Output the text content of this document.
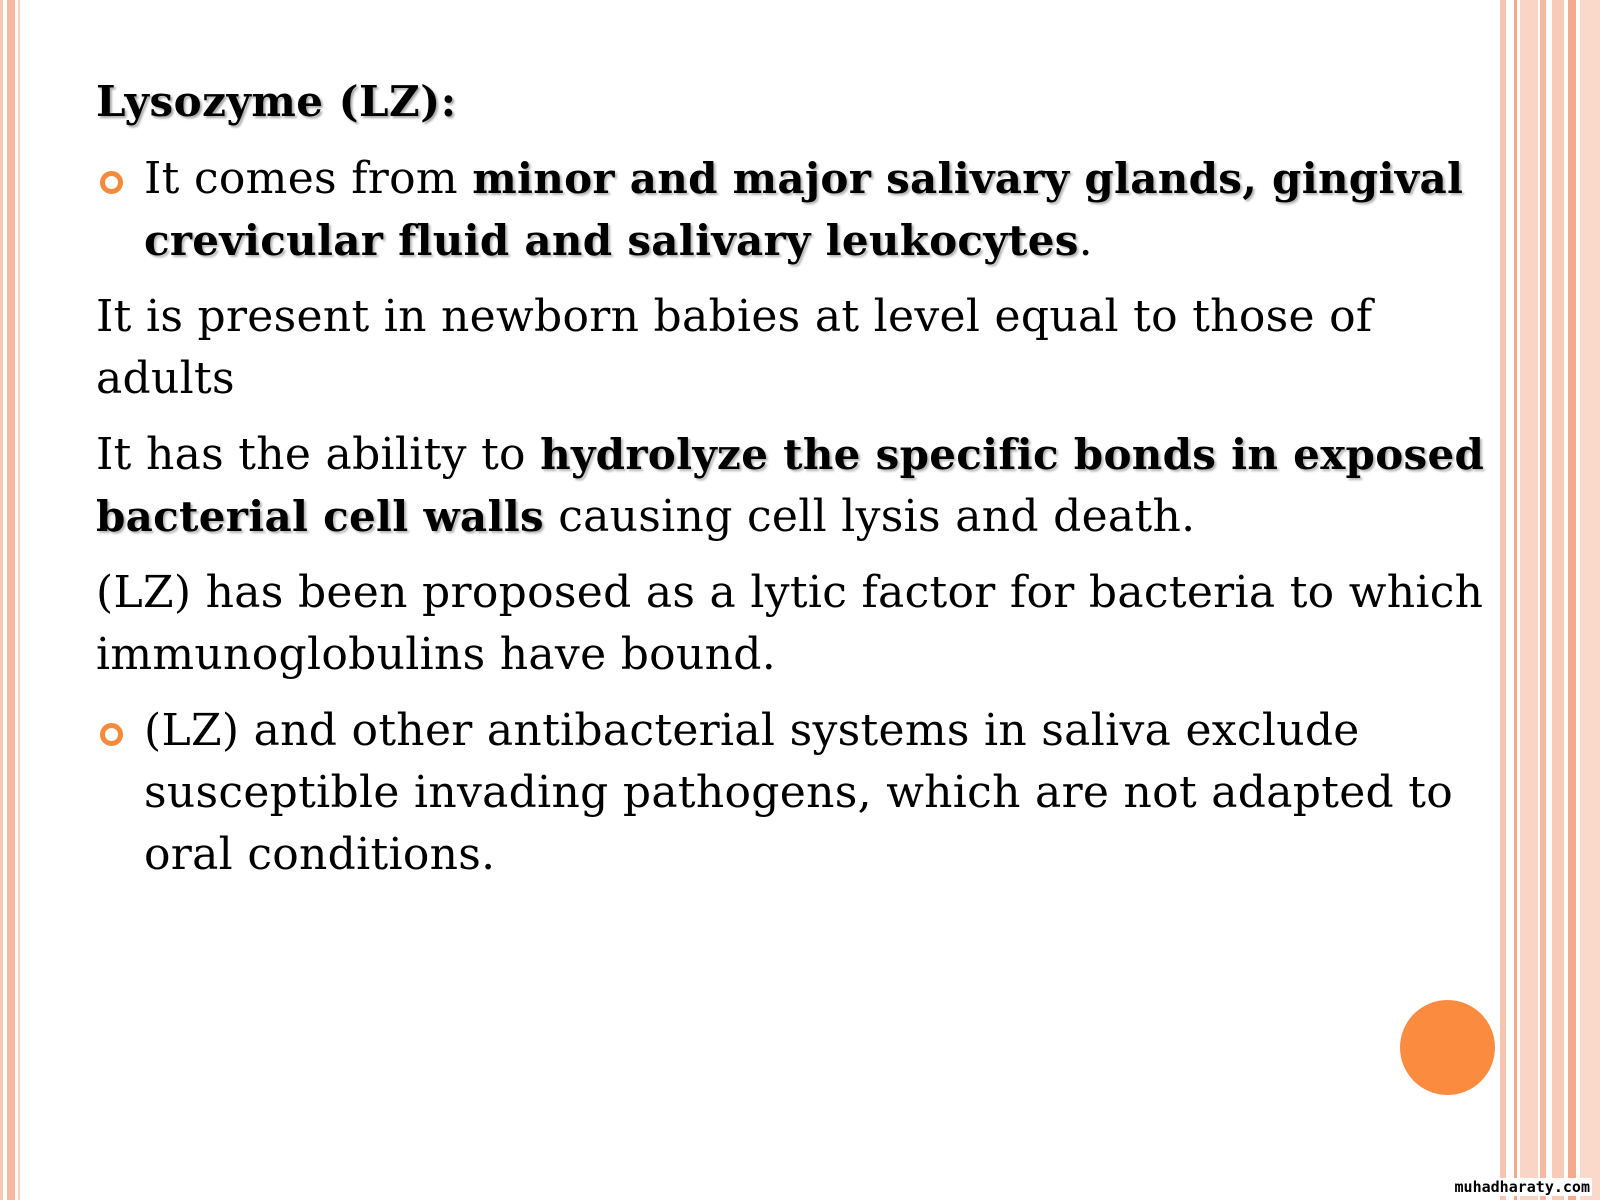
Lysozyme (LZ):

It comes from minor and major salivary glands, gingival crevicular fluid and salivary leukocytes.

It is present in newborn babies at level equal to those of adults

It has the ability to hydrolyze the specific bonds in exposed bacterial cell walls causing cell lysis and death.

(LZ) has been proposed as a lytic factor for bacteria to which immunoglobulins have bound.

(LZ) and other antibacterial systems in saliva exclude susceptible invading pathogens, which are not adapted to oral conditions.

muhadharaty.com
